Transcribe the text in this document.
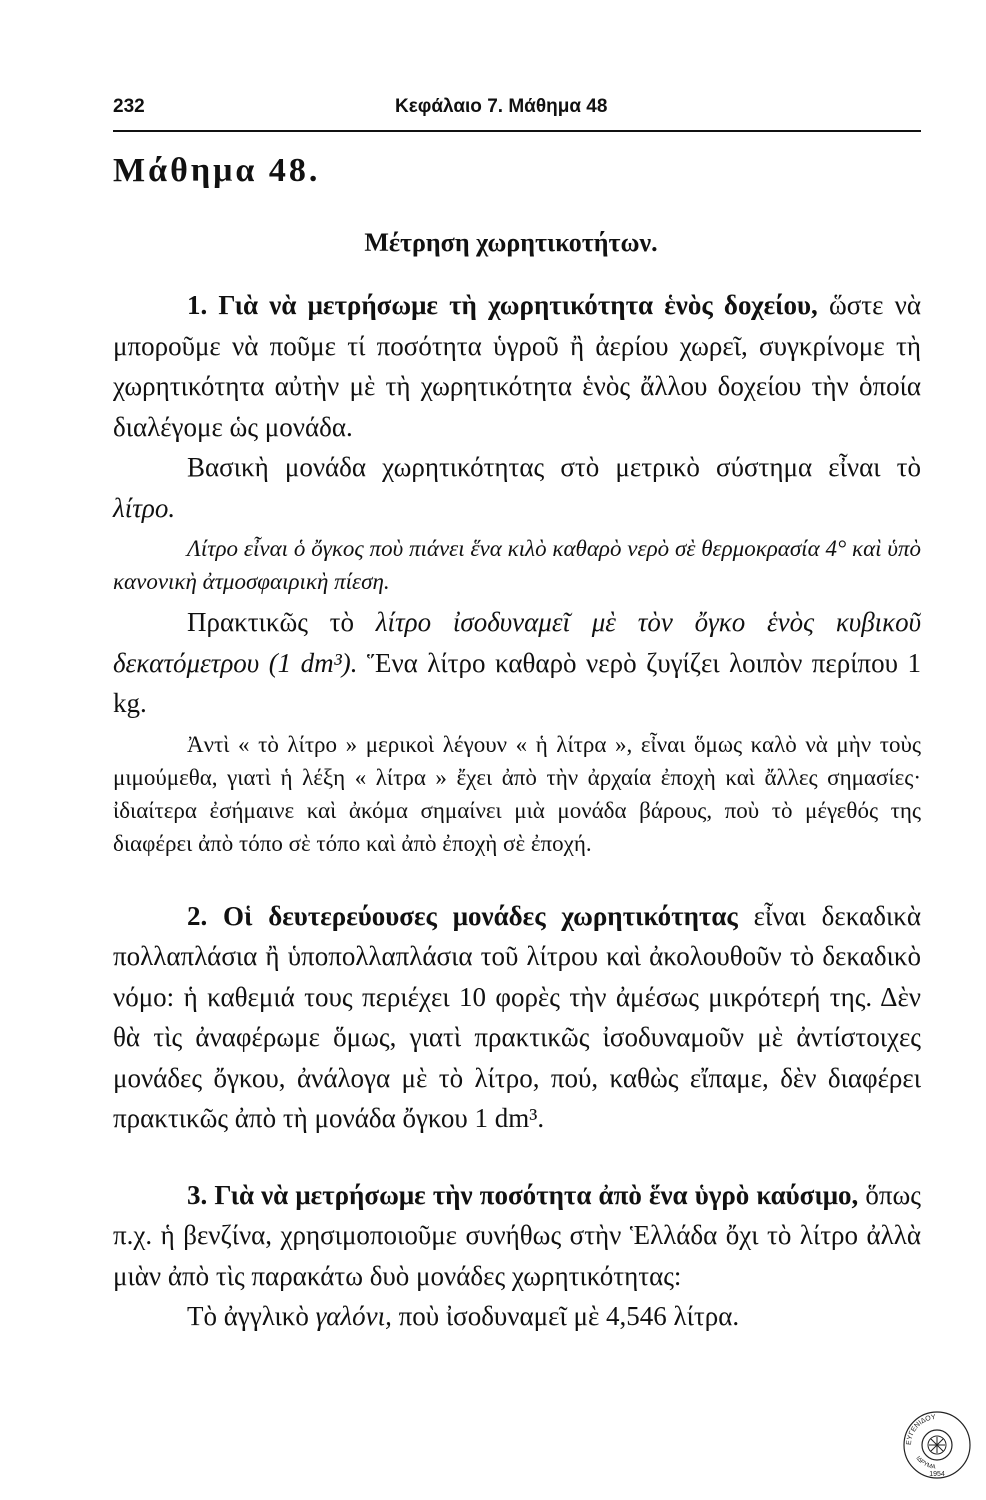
232	Κεφάλαιο 7. Μάθημα 48
Μάθημα 48.
Μέτρηση χωρητικοτήτων.

1. Γιὰ νὰ μετρήσωμε τὴ χωρητικότητα ἑνὸς δοχείου, ὥστε νὰ μποροῦμε νὰ ποῦμε τί ποσότητα ὑγροῦ ἢ ἀερίου χωρεῖ, συγκρίνομε τὴ χωρητικότητα αὐτὴν μὲ τὴ χωρητικότητα ἑνὸς ἄλλου δοχείου τὴν ὁποία διαλέγομε ὡς μονάδα.

Βασικὴ μονάδα χωρητικότητας στὸ μετρικὸ σύστημα εἶναι τὸ λίτρο.

Λίτρο εἶναι ὁ ὄγκος ποὺ πιάνει ἕνα κιλὸ καθαρὸ νερὸ σὲ θερμοκρασία 4° καὶ ὑπὸ κανονικὴ ἀτμοσφαιρικὴ πίεση.

Πρακτικῶς τὸ λίτρο ἰσοδυναμεῖ μὲ τὸν ὄγκο ἑνὸς κυβικοῦ δεκατόμετρου (1 dm³). Ἕνα λίτρο καθαρὸ νερὸ ζυγίζει λοιπὸν περίπου 1 kg.

Ἀντὶ « τὸ λίτρο » μερικοὶ λέγουν « ἡ λίτρα », εἶναι ὅμως καλὸ νὰ μὴν τοὺς μιμούμεθα, γιατὶ ἡ λέξη « λίτρα » ἔχει ἀπὸ τὴν ἀρχαία ἐποχὴ καὶ ἄλλες σημασίες· ἰδιαίτερα ἐσήμαινε καὶ ἀκόμα σημαίνει μιὰ μονάδα βάρους, ποὺ τὸ μέγεθός της διαφέρει ἀπὸ τόπο σὲ τόπο καὶ ἀπὸ ἐποχὴ σὲ ἐποχή.

2. Οἱ δευτερεύουσες μονάδες χωρητικότητας εἶναι δεκαδικὰ πολλαπλάσια ἢ ὑποπολλαπλάσια τοῦ λίτρου καὶ ἀκολουθοῦν τὸ δεκαδικὸ νόμο: ἡ καθεμιά τους περιέχει 10 φορὲς τὴν ἀμέσως μικρότερή της. Δὲν θὰ τὶς ἀναφέρωμε ὅμως, γιατὶ πρακτικῶς ἰσοδυναμοῦν μὲ ἀντίστοιχες μονάδες ὄγκου, ἀνάλογα μὲ τὸ λίτρο, πού, καθὼς εἴπαμε, δὲν διαφέρει πρακτικῶς ἀπὸ τὴ μονάδα ὄγκου 1 dm³.

3. Γιὰ νὰ μετρήσωμε τὴν ποσότητα ἀπὸ ἕνα ὑγρὸ καύσιμο, ὅπως π.χ. ἡ βενζίνα, χρησιμοποιοῦμε συνήθως στὴν Ἑλλάδα ὄχι τὸ λίτρο ἀλλὰ μιὰν ἀπὸ τὶς παρακάτω δυὸ μονάδες χωρητικότητας:

Τὸ ἀγγλικὸ γαλόνι, ποὺ ἰσοδυναμεῖ μὲ 4,546 λίτρα.

ΕΥΓΕΝΙΔΟΥ
ΙΔΡΥΜΑ
1954
